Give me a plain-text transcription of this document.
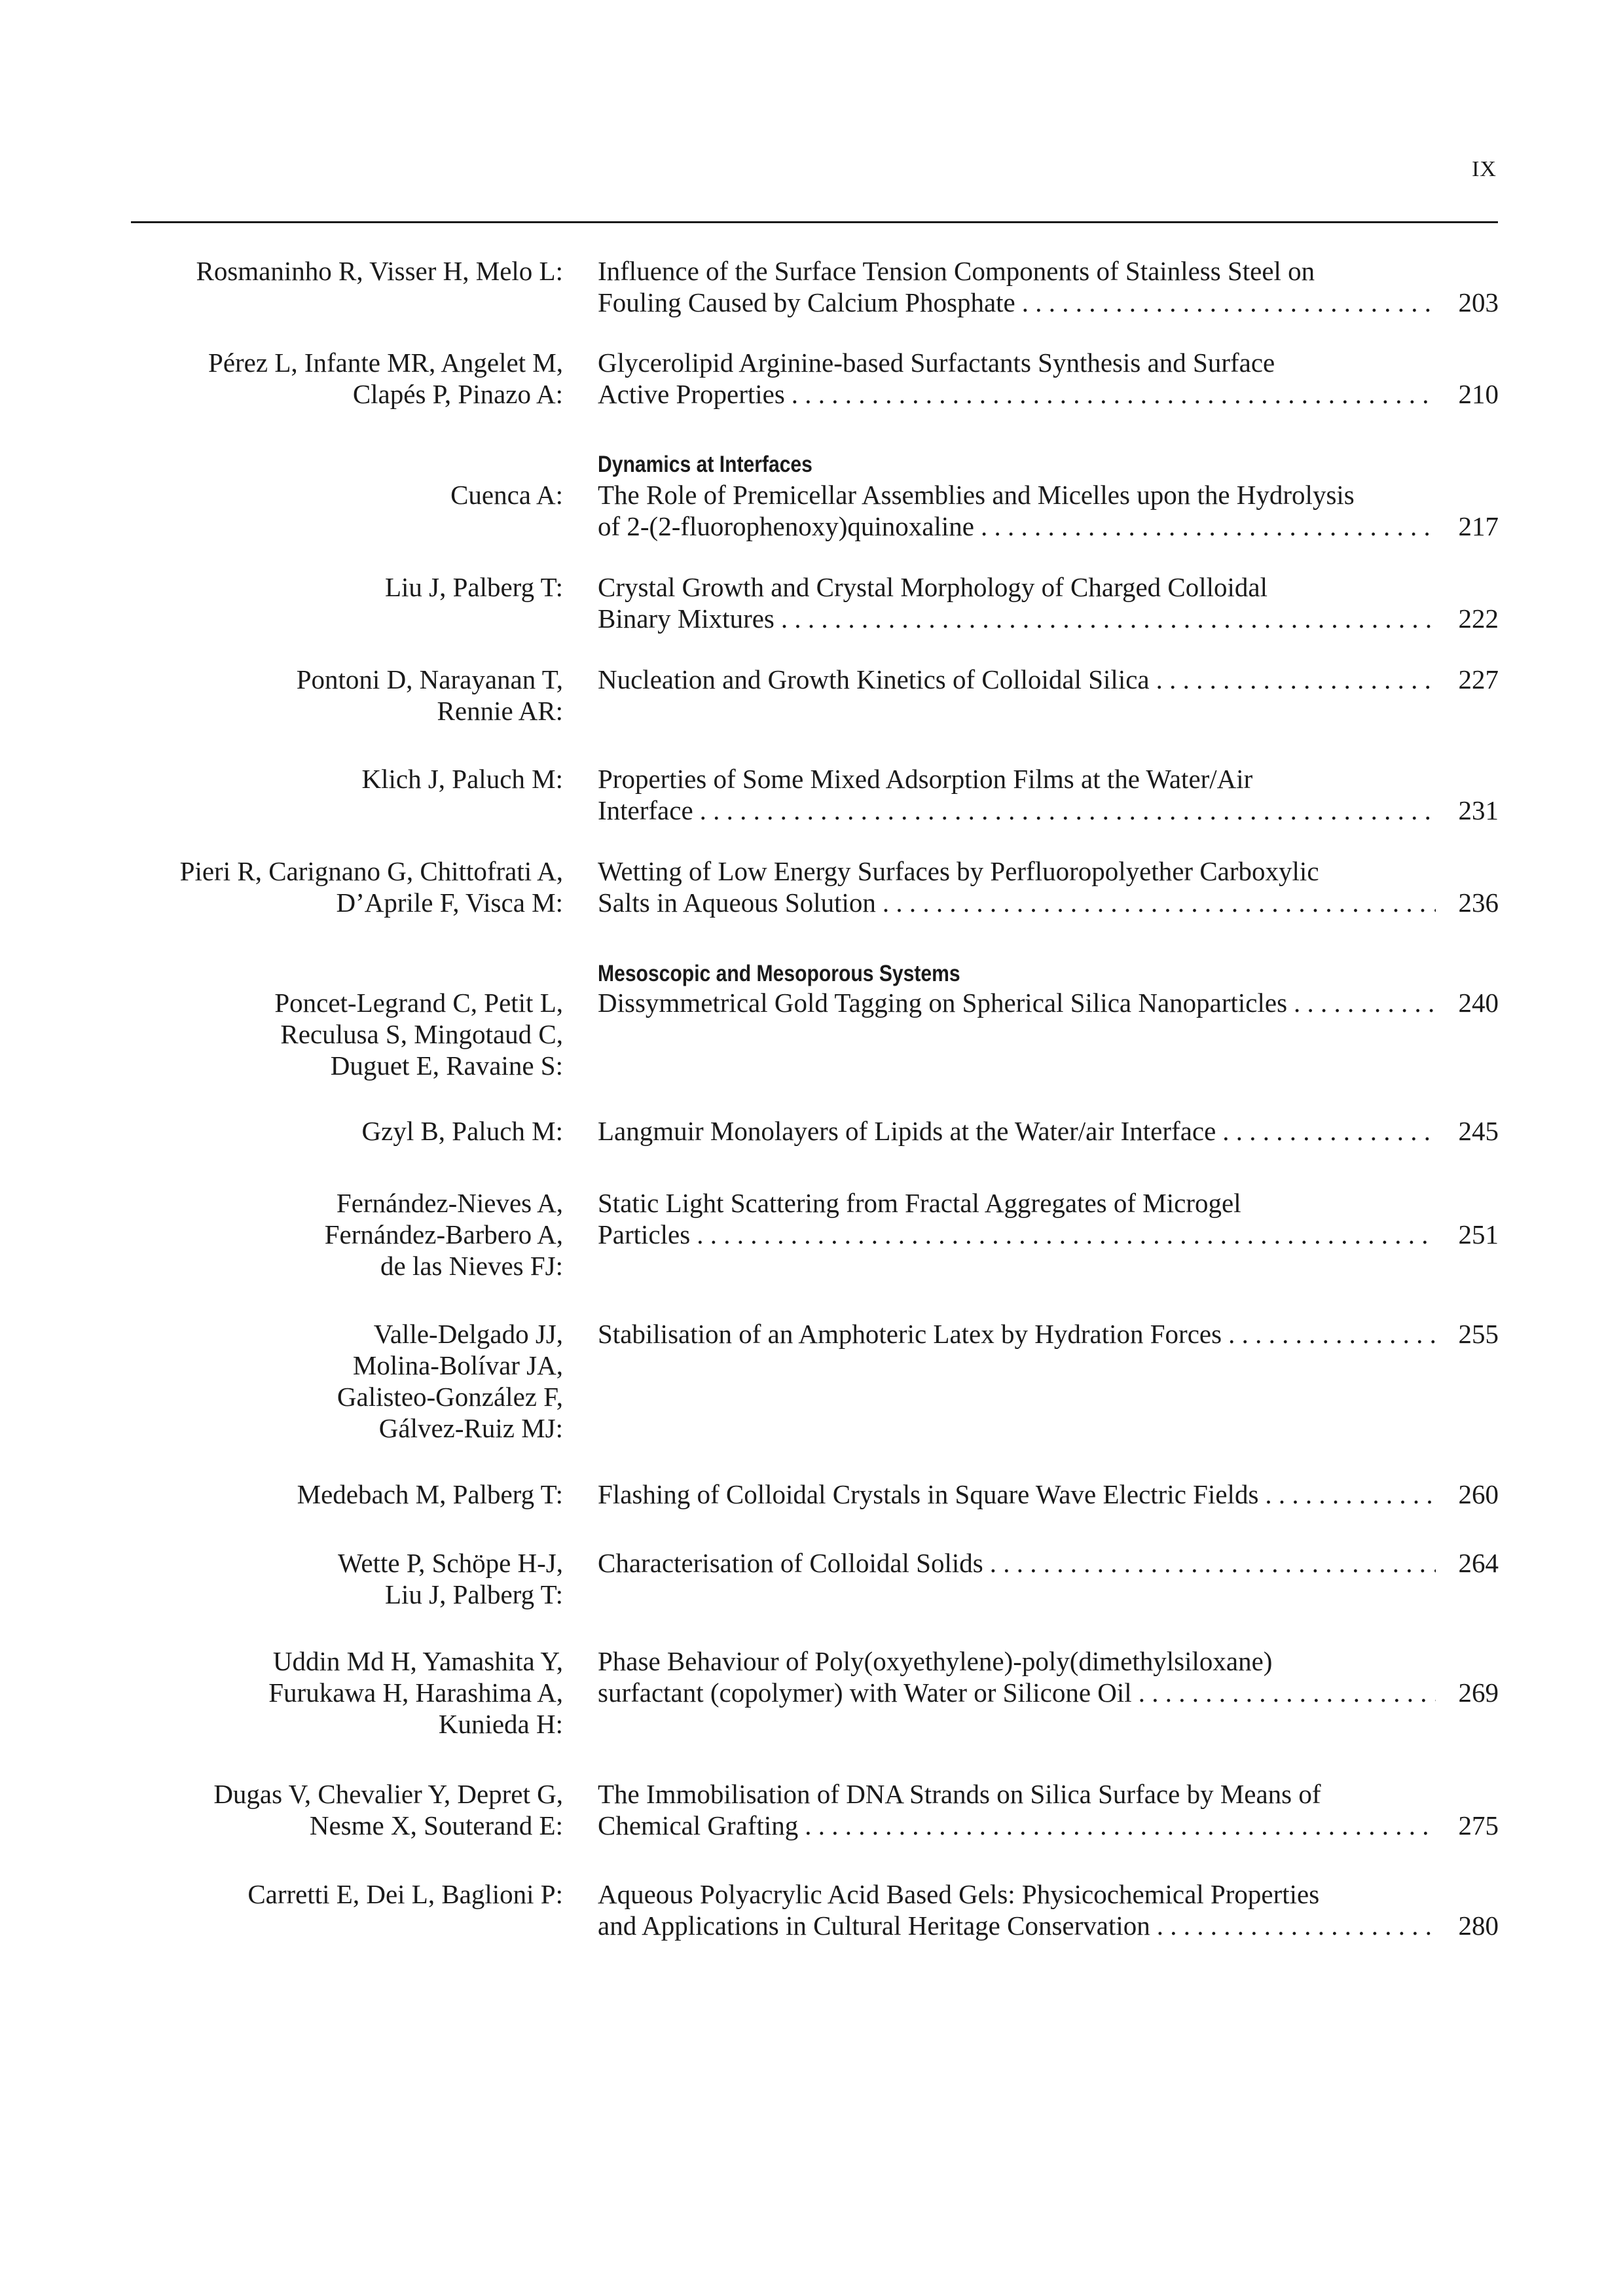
IX
Dynamics at Interfaces
Mesoscopic and Mesoporous Systems
Rosmaninho R, Visser H, Melo L: Influence of the Surface Tension Components of Stainless Steel on
Fouling Caused by Calcium Phosphate . . .	203
Pérez L, Infante MR, Angelet M,
Clapés P, Pinazo A:
Glycerolipid Arginine-based Surfactants Synthesis and Surface
Active Properties . . .	210
Cuenca A: The Role of Premicellar Assemblies and Micelles upon the Hydrolysis
of 2-(2-fluorophenoxy)quinoxaline . . .	217
Liu J, Palberg T: Crystal Growth and Crystal Morphology of Charged Colloidal
Binary Mixtures . . .	222
Pontoni D, Narayanan T,
Rennie AR:
Nucleation and Growth Kinetics of Colloidal Silica . . .	227
Klich J, Paluch M: Properties of Some Mixed Adsorption Films at the Water/Air
Interface . . .	231
Pieri R, Carignano G, Chittofrati A,
D’Aprile F, Visca M:
Wetting of Low Energy Surfaces by Perfluoropolyether Carboxylic
Salts in Aqueous Solution . . .	236
Poncet-Legrand C, Petit L,
Reculusa S, Mingotaud C,
Duguet E, Ravaine S:
Dissymmetrical Gold Tagging on Spherical Silica Nanoparticles . . .	240
Gzyl B, Paluch M: Langmuir Monolayers of Lipids at the Water/air Interface . . .	245
Fernández-Nieves A,
Fernández-Barbero A,
de las Nieves FJ:
Static Light Scattering from Fractal Aggregates of Microgel
Particles . . .	251
Valle-Delgado JJ,
Molina-Bolívar JA,
Galisteo-González F,
Gálvez-Ruiz MJ:
Stabilisation of an Amphoteric Latex by Hydration Forces . . .	255
Medebach M, Palberg T: Flashing of Colloidal Crystals in Square Wave Electric Fields . . .	260
Wette P, Schöpe H-J,
Liu J, Palberg T:
Characterisation of Colloidal Solids . . .	264
Uddin Md H, Yamashita Y,
Furukawa H, Harashima A,
Kunieda H:
Phase Behaviour of Poly(oxyethylene)-poly(dimethylsiloxane)
surfactant (copolymer) with Water or Silicone Oil . . .	269
Dugas V, Chevalier Y, Depret G,
Nesme X, Souterand E:
The Immobilisation of DNA Strands on Silica Surface by Means of
Chemical Grafting . . .	275
Carretti E, Dei L, Baglioni P: Aqueous Polyacrylic Acid Based Gels: Physicochemical Properties
and Applications in Cultural Heritage Conservation . . .	280
